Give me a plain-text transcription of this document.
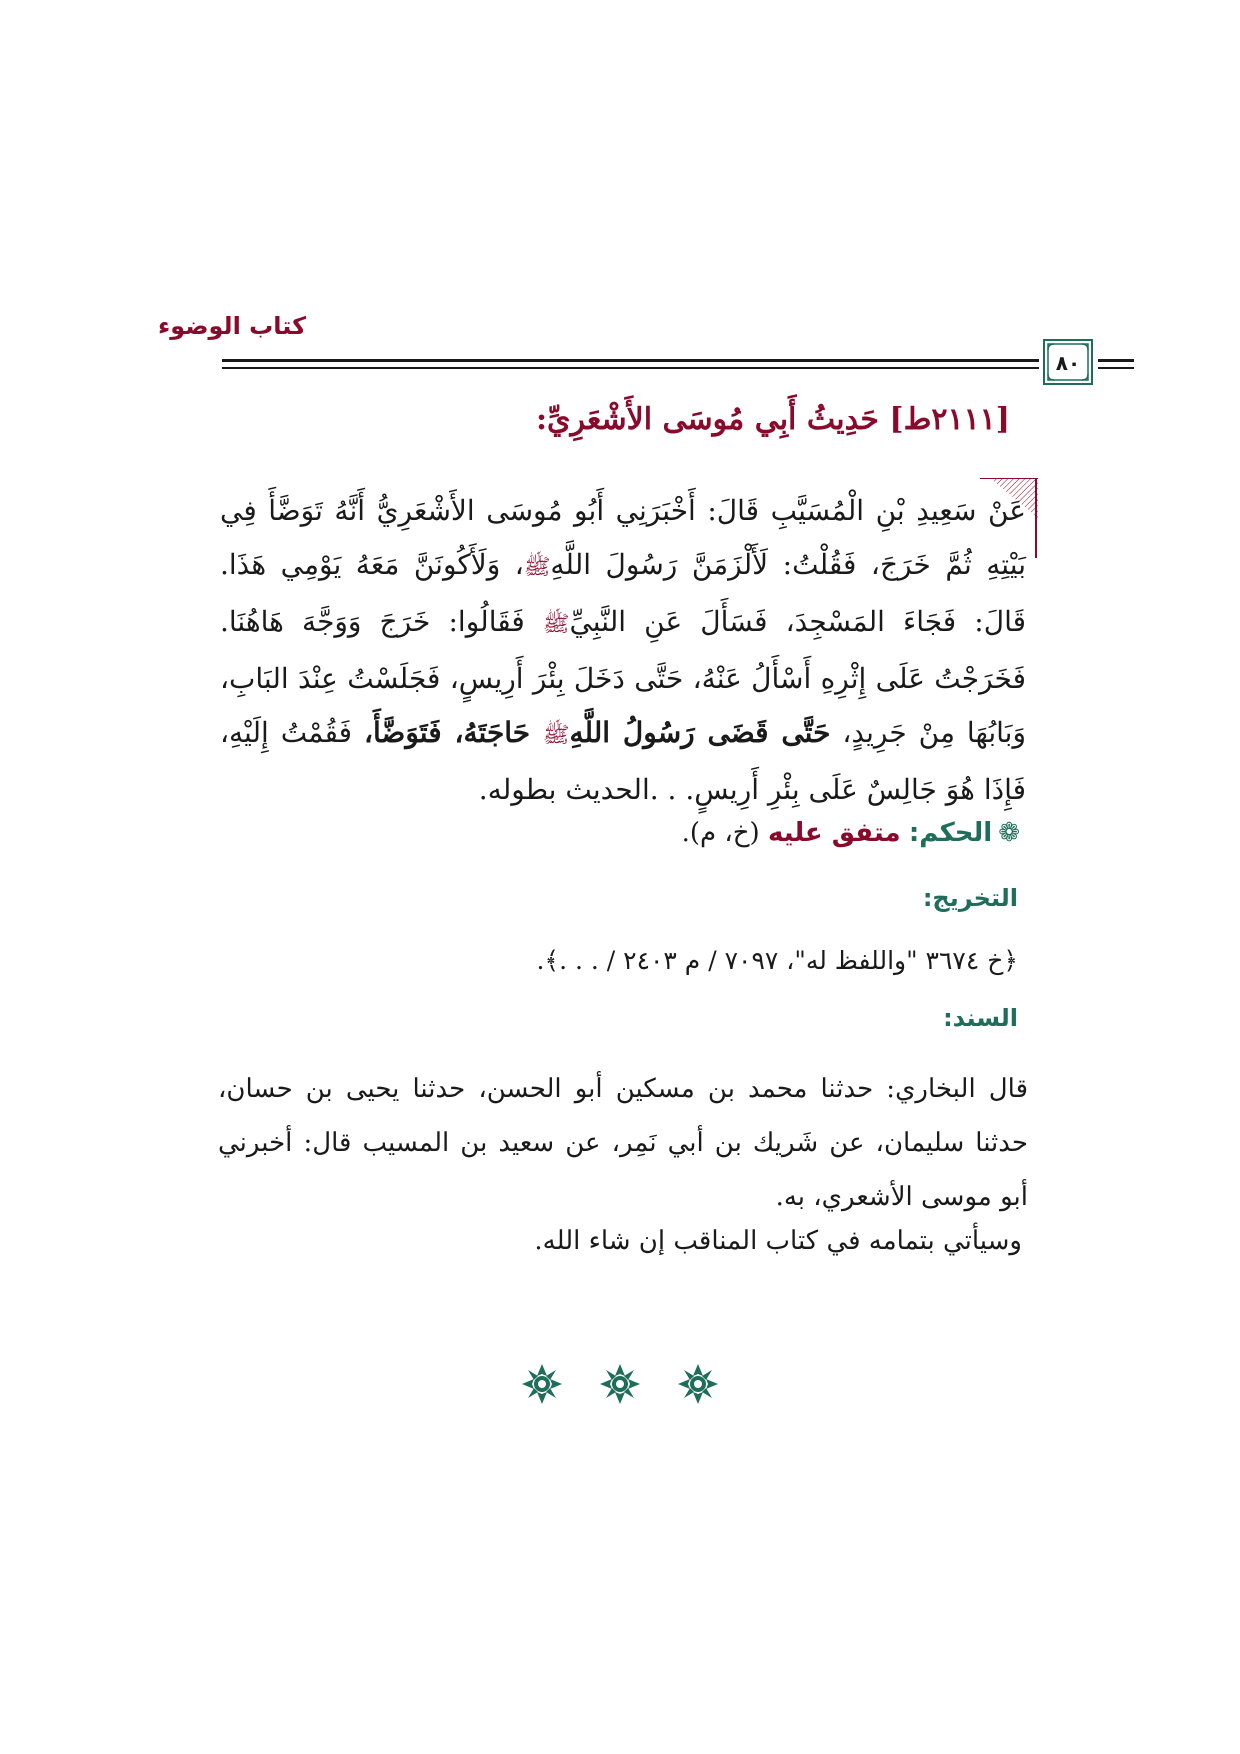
كتاب الوضوء
٨٠
[٢١١١ط] حَدِيثُ أَبِي مُوسَى الأَشْعَرِيِّ:

عَنْ سَعِيدِ بْنِ الْمُسَيَّبِ قَالَ: أَخْبَرَنِي أَبُو مُوسَى الأَشْعَرِيُّ أَنَّهُ تَوَضَّأَ فِي بَيْتِهِ ثُمَّ خَرَجَ، فَقُلْتُ: لَأَلْزَمَنَّ رَسُولَ اللَّهِﷺ، وَلَأَكُونَنَّ مَعَهُ يَوْمِي هَذَا. قَالَ: فَجَاءَ المَسْجِدَ، فَسَأَلَ عَنِ النَّبِيِّﷺ فَقَالُوا: خَرَجَ وَوَجَّهَ هَاهُنَا. فَخَرَجْتُ عَلَى إِثْرِهِ أَسْأَلُ عَنْهُ، حَتَّى دَخَلَ بِئْرَ أَرِيسٍ، فَجَلَسْتُ عِنْدَ البَابِ، وَبَابُهَا مِنْ جَرِيدٍ، حَتَّى قَضَى رَسُولُ اللَّهِﷺ حَاجَتَهُ، فَتَوَضَّأَ، فَقُمْتُ إِلَيْهِ، فَإِذَا هُوَ جَالِسٌ عَلَى بِئْرِ أَرِيسٍ. . .الحديث بطوله.

❁الحكم: متفق عليه (خ، م).
التخريج:
﴿خ ٣٦٧٤ "واللفظ له"، ٧٠٩٧ / م ٢٤٠٣ / . . .﴾.
السند:

قال البخاري: حدثنا محمد بن مسكين أبو الحسن، حدثنا يحيى بن حسان، حدثنا سليمان، عن شَريك بن أبي نَمِر، عن سعيد بن المسيب قال: أخبرني أبو موسى الأشعري، به.

وسيأتي بتمامه في كتاب المناقب إن شاء الله.
